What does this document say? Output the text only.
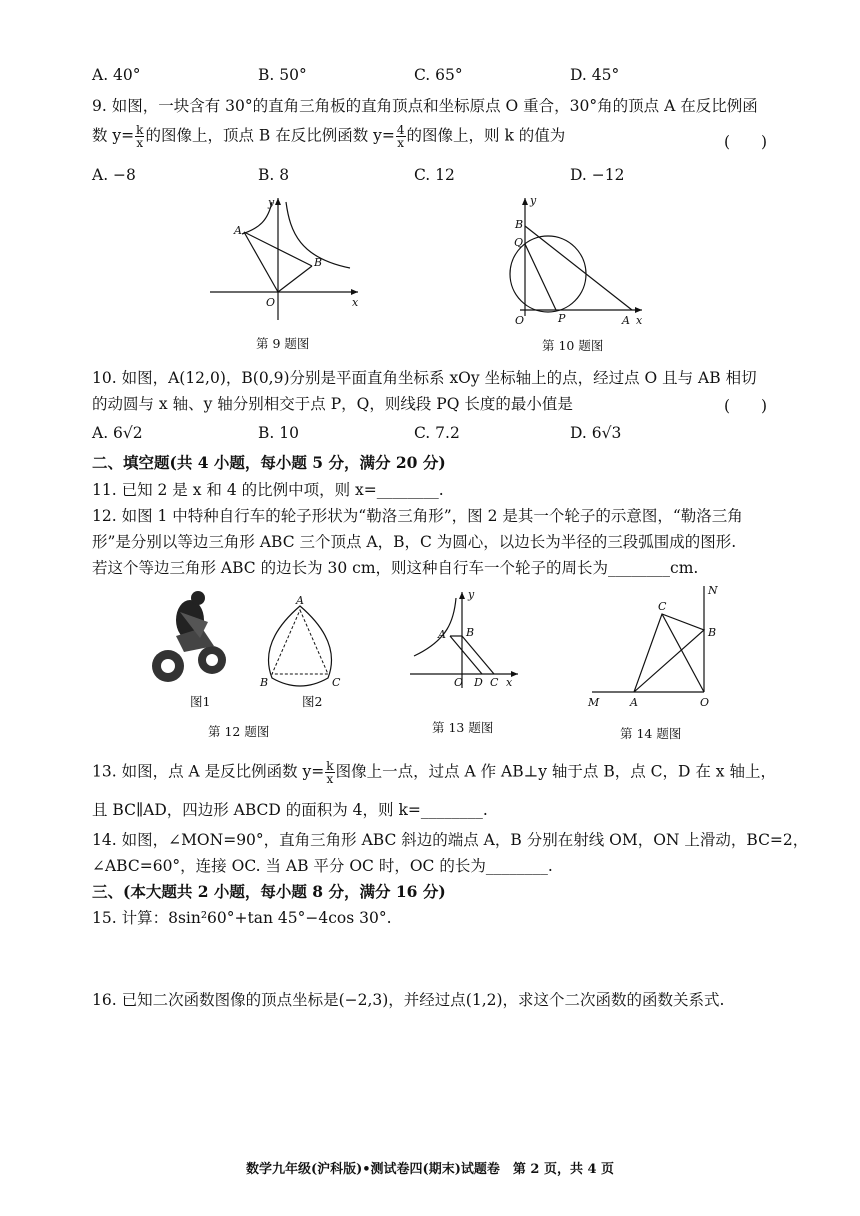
A. 40°	B. 50°	C. 65°	D. 45°
9. 如图，一块含有 30°的直角三角板的直角顶点和坐标原点 O 重合，30°角的顶点 A 在反比例函
数 $y= \frac{k}{x}$ 的图像上，顶点 B 在反比例函数 $y= \frac{4}{x}$ 的图像上，则 k 的值为	(　　)
A. −8	B. 8	C. 12	D. −12
y
A
B
O	x
第 9 题图
B
y
Q
O	P	A x
第 10 题图
10. 如图，A(12,0)，B(0,9)分别是平面直角坐标系 xOy 坐标轴上的点，经过点 O 且与 AB 相切
的动圆与 x 轴、y 轴分别相交于点 P，Q，则线段 PQ 长度的最小值是	(　　)
A. 6√2	B. 10	C. 7.2	D. 6√3
二、填空题(共 4 小题，每小题 5 分，满分 20 分)
11. 已知 2 是 x 和 4 的比例中项，则 x=________.
12. 如图 1 中特种自行车的轮子形状为“勒洛三角形”，图 2 是其一个轮子的示意图，“勒洛三角
形”是分别以等边三角形 ABC 三个顶点 A，B，C 为圆心，以边长为半径的三段弧围成的图形.
若这个等边三角形 ABC 的边长为 30 cm，则这种自行车一个轮子的周长为________cm.
A
B	C
图1	图2
第 12 题图
y
A B
O D C x
第 13 题图
N
C
B
M	A	O
第 14 题图
13. 如图，点 A 是反比例函数 $y= \frac{k}{x}$ 图像上一点，过点 A 作 AB⊥y 轴于点 B，点 C，D 在 x 轴上，
且 BC∥AD，四边形 ABCD 的面积为 4，则 k=________.
14. 如图，∠MON=90°，直角三角形 ABC 斜边的端点 A，B 分别在射线 OM，ON 上滑动，BC=2，
∠ABC=60°，连接 OC. 当 AB 平分 OC 时，OC 的长为________.
三、(本大题共 2 小题，每小题 8 分，满分 16 分)
15. 计算：8sin²60°+tan 45°−4cos 30°.
16. 已知二次函数图像的顶点坐标是(−2,3)，并经过点(1,2)，求这个二次函数的函数关系式.
数学九年级(沪科版)•测试卷四(期末)试题卷　第 2 页，共 4 页
